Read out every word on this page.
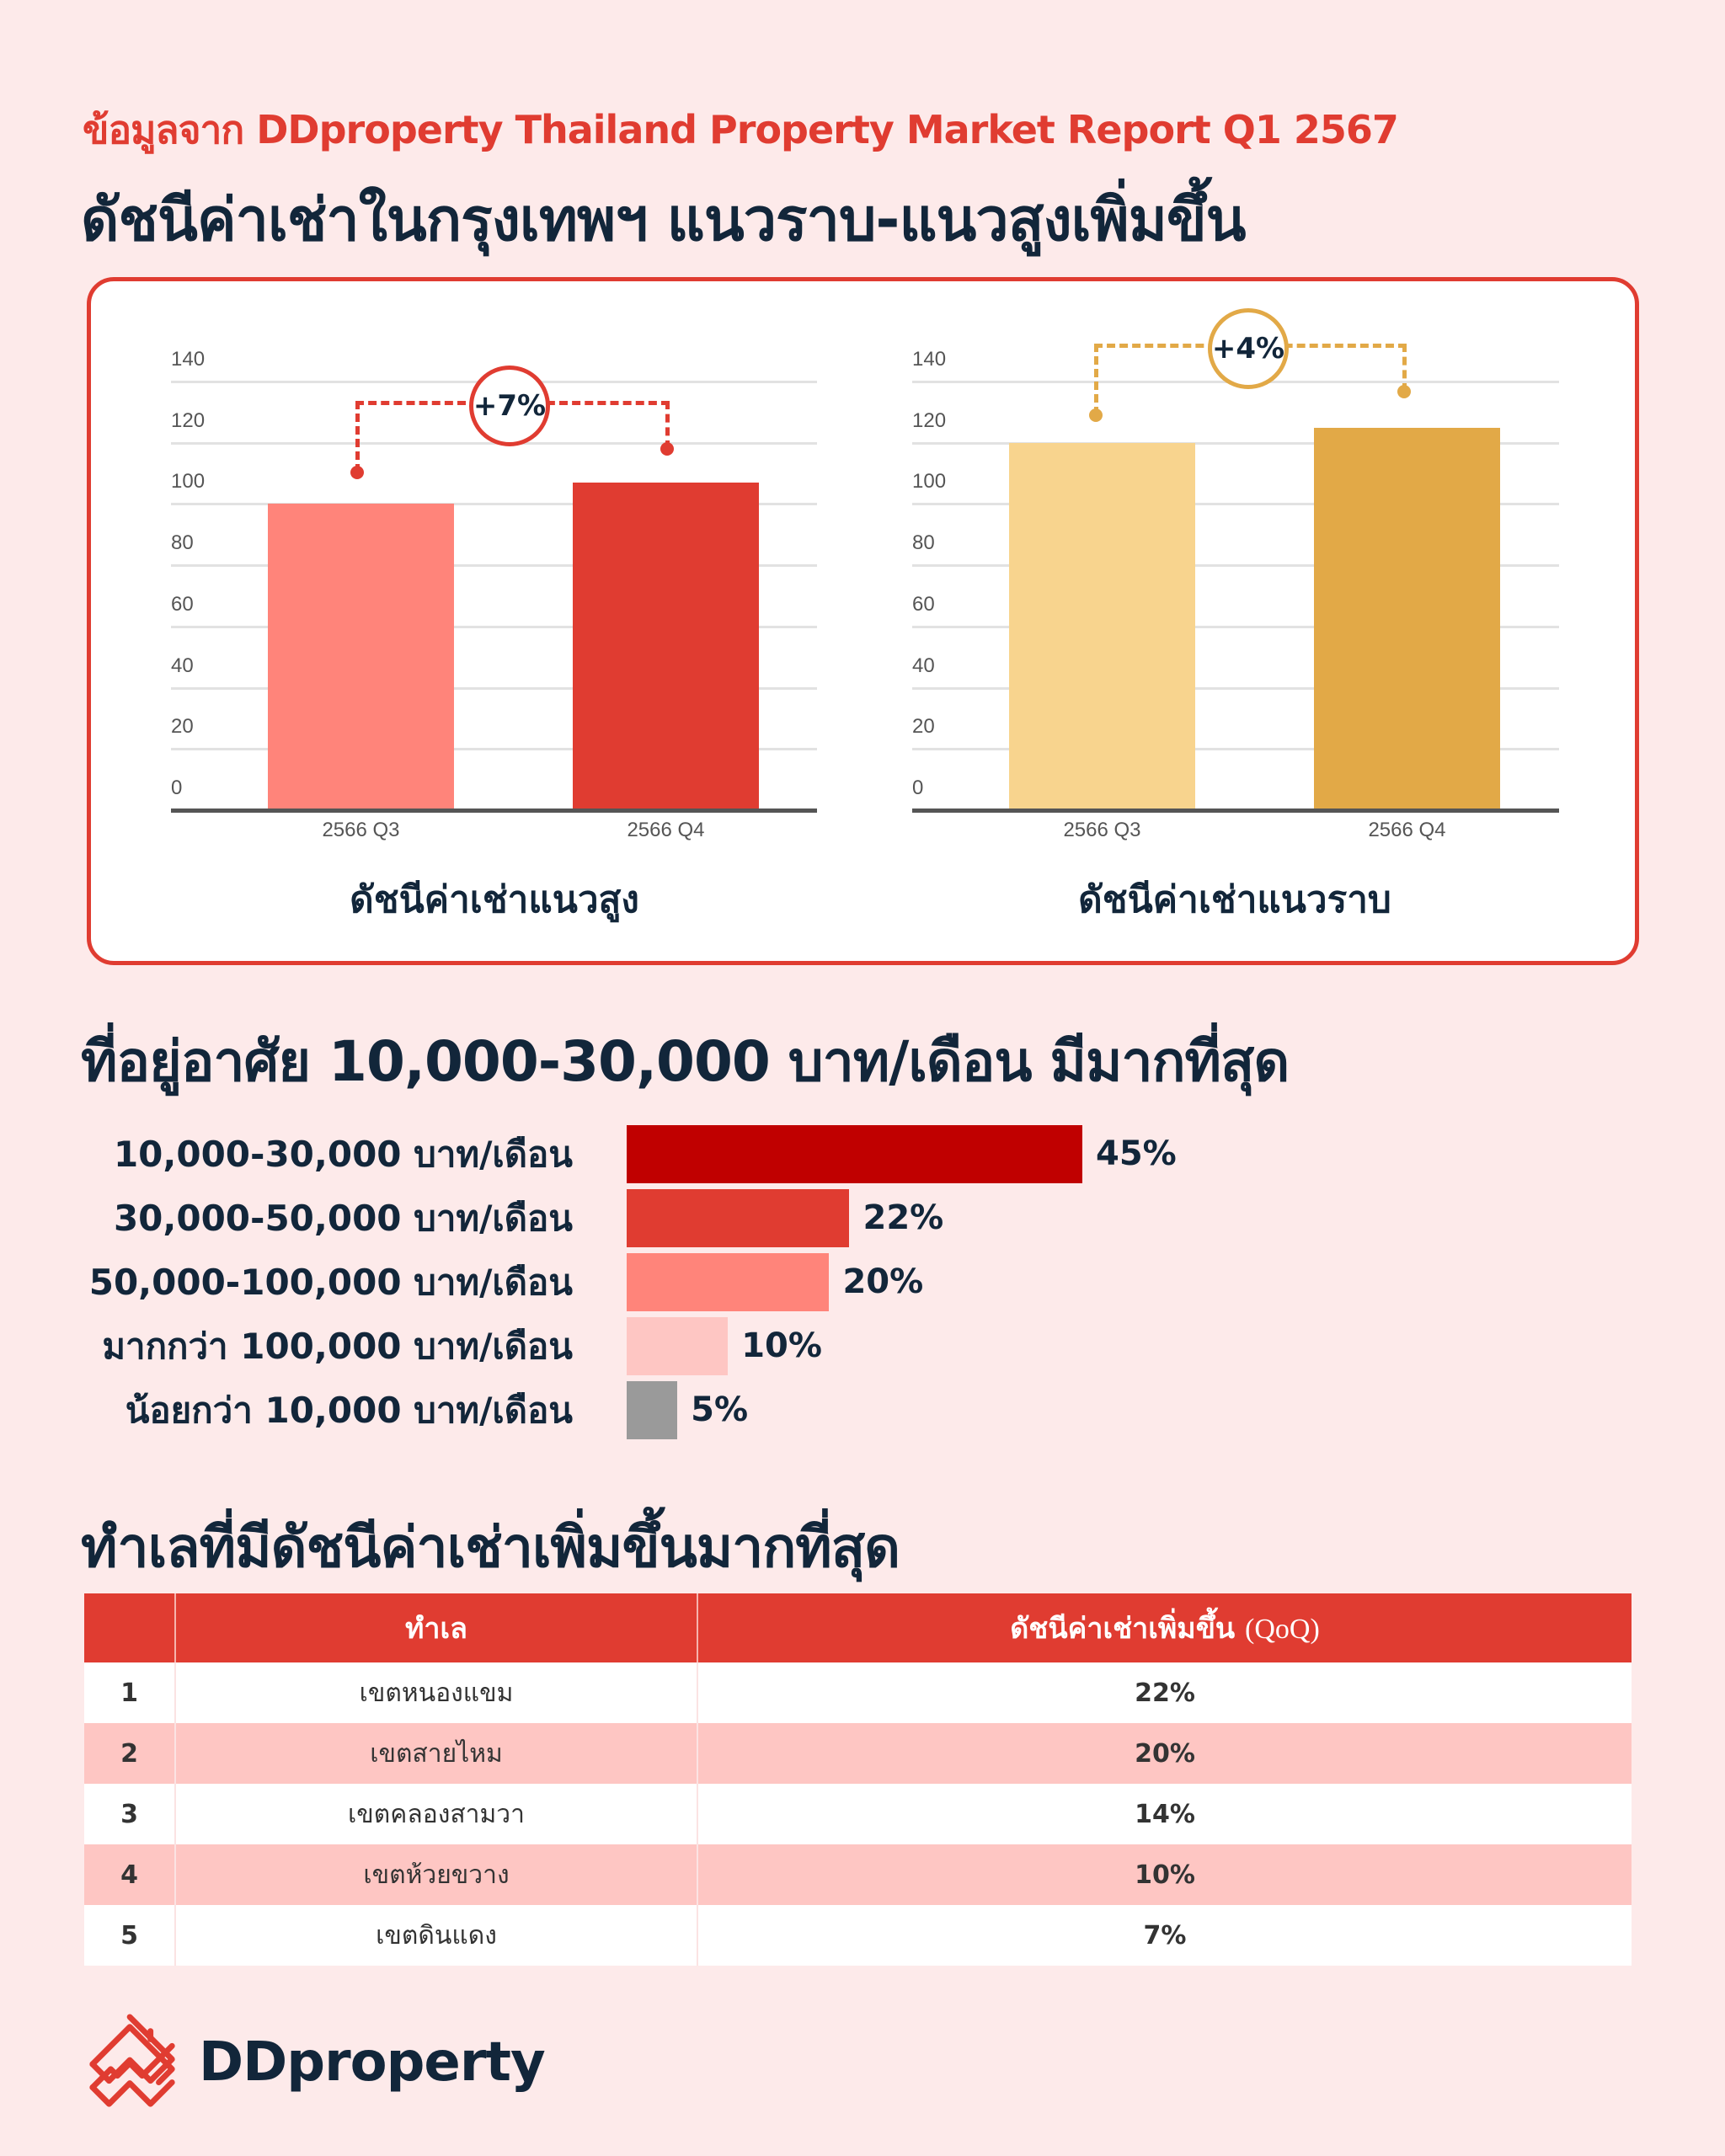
ข้อมูลจาก DDproperty Thailand Property Market Report Q1 2567
ดัชนีค่าเช่าในกรุงเทพฯ แนวราบ-แนวสูงเพิ่มขึ้น
0
20
40
60
80
100
120
140
2566 Q3	2566 Q4
+7%
0
20
40
60
80
100
120
140
2566 Q3	2566 Q4
+4%
ดัชนีค่าเช่าแนวสูง	ดัชนีค่าเช่าแนวราบ
ที่อยู่อาศัย 10,000-30,000 บาท/เดือน มีมากที่สุด
10,000-30,000 บาท/เดือน	45%
30,000-50,000 บาท/เดือน	22%
50,000-100,000 บาท/เดือน	20%
มากกว่า 100,000 บาท/เดือน	10%
น้อยกว่า 10,000 บาท/เดือน	5%
ทำเลที่มีดัชนีค่าเช่าเพิ่มขึ้นมากที่สุด
	ทำเล	ดัชนีค่าเช่าเพิ่มขึ้น (QoQ)
1	เขตหนองแขม	22%
2	เขตสายไหม	20%
3	เขตคลองสามวา	14%
4	เขตห้วยขวาง	10%
5	เขตดินแดง	7%
DDproperty
